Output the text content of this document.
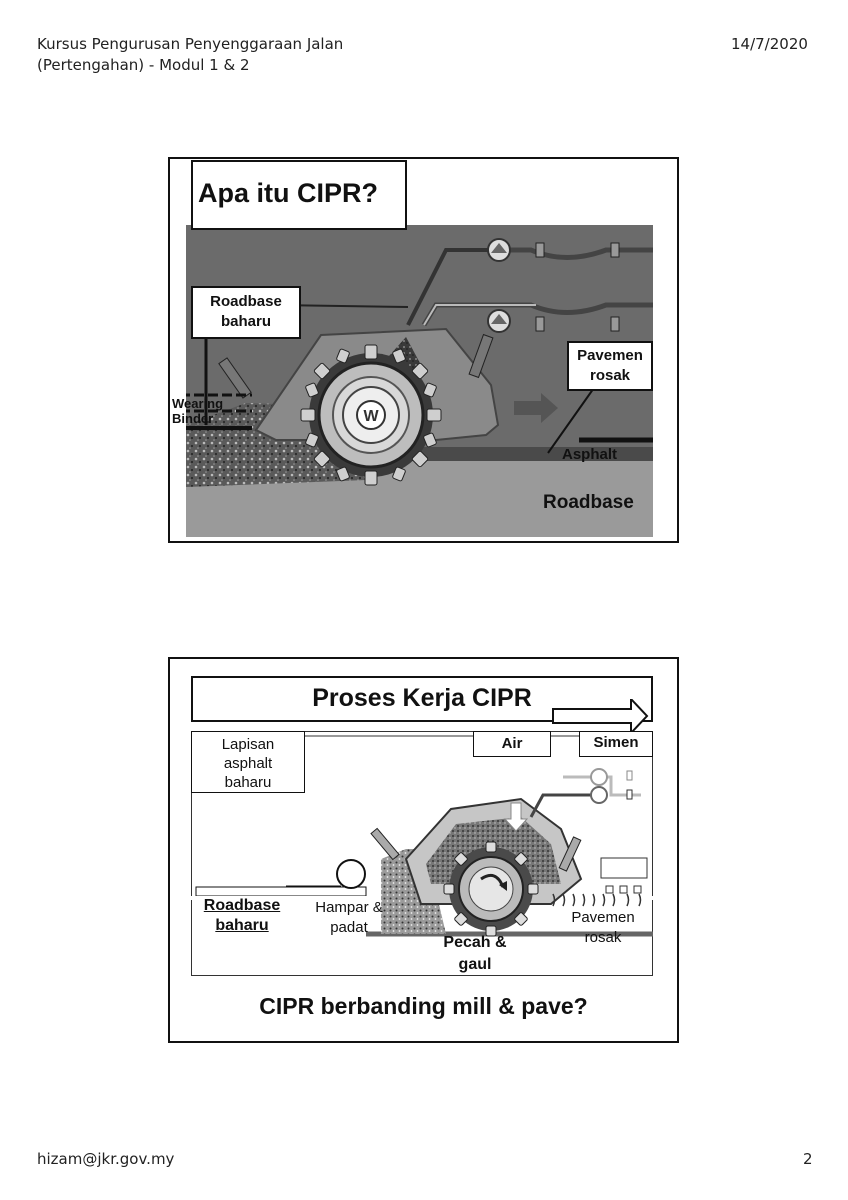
Kursus Pengurusan Penyenggaraan Jalan
(Pertengahan) - Modul 1 & 2
14/7/2020
W
Apa itu CIPR?
Roadbase
baharu
Pavemen
rosak
Wearing
Binder
Asphalt
Roadbase
Proses Kerja CIPR
Lapisan
asphalt
baharu
Air	Simen
Roadbase
baharu
Hampar &
padat
Pecah &
gaul
Pavemen
rosak
CIPR berbanding mill & pave?
hizam@jkr.gov.my	2
